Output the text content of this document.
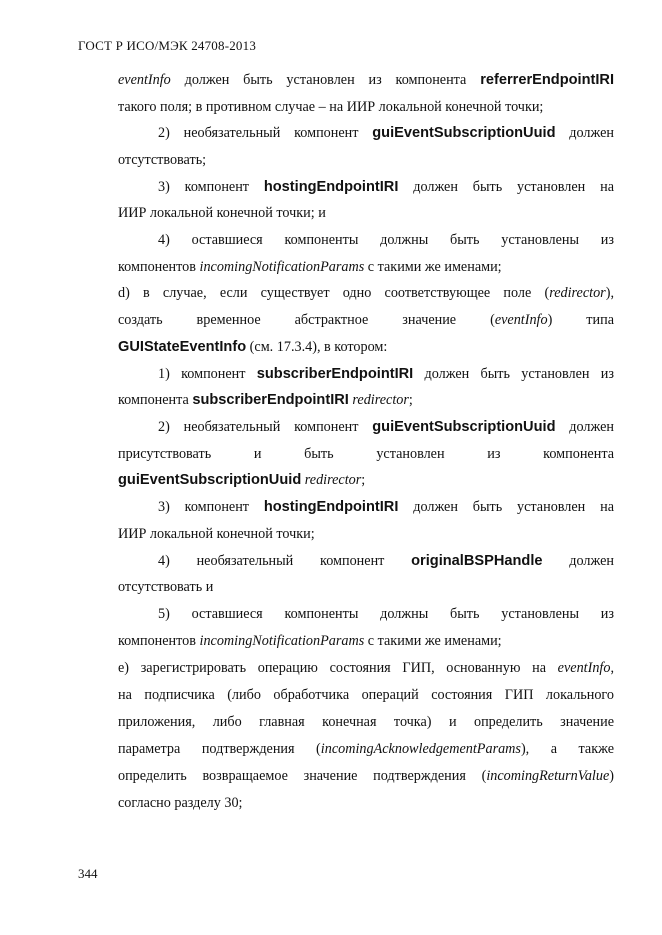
ГОСТ Р ИСО/МЭК 24708-2013
eventInfo должен быть установлен из компонента referrerEndpointIRI
такого поля; в противном случае – на ИИР локальной конечной точки;
2) необязательный компонент guiEventSubscriptionUuid должен
отсутствовать;
3) компонент hostingEndpointIRI должен быть установлен на
ИИР локальной конечной точки; и
4) оставшиеся компоненты должны быть установлены из
компонентов incomingNotificationParams с такими же именами;
d) в случае, если существует одно соответствующее поле (redirector),
создать временное абстрактное значение (eventInfo) типа
GUIStateEventInfo (см. 17.3.4), в котором:
1) компонент subscriberEndpointIRI должен быть установлен из
компонента subscriberEndpointIRI redirector;
2) необязательный компонент guiEventSubscriptionUuid должен
присутствовать и быть установлен из компонента
guiEventSubscriptionUuid redirector;
3) компонент hostingEndpointIRI должен быть установлен на
ИИР локальной конечной точки;
4) необязательный компонент originalBSPHandle должен
отсутствовать и
5) оставшиеся компоненты должны быть установлены из
компонентов incomingNotificationParams с такими же именами;
e) зарегистрировать операцию состояния ГИП, основанную на eventInfo,
на подписчика (либо обработчика операций состояния ГИП локального
приложения, либо главная конечная точка) и определить значение
параметра подтверждения (incomingAcknowledgementParams), а также
определить возвращаемое значение подтверждения (incomingReturnValue)
согласно разделу 30;
344
